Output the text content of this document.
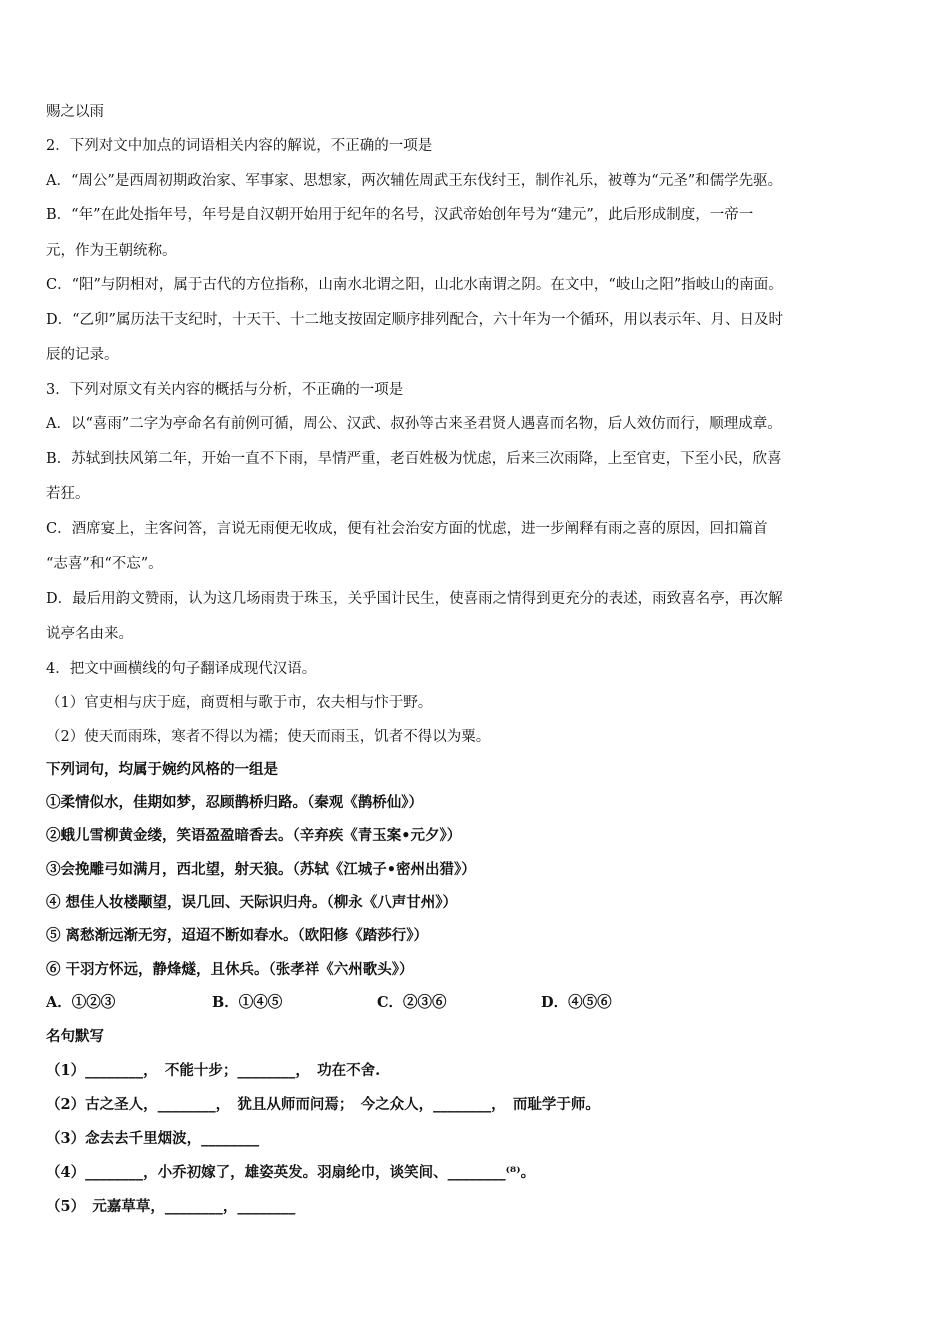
赐之以雨
2．下列对文中加点的词语相关内容的解说，不正确的一项是
A．“周公”是西周初期政治家、军事家、思想家，两次辅佐周武王东伐纣王，制作礼乐，被尊为“元圣”和儒学先驱。
B．“年”在此处指年号，年号是自汉朝开始用于纪年的名号，汉武帝始创年号为“建元”，此后形成制度，一帝一
元，作为王朝统称。
C．“阳”与阴相对，属于古代的方位指称，山南水北谓之阳，山北水南谓之阴。在文中，“岐山之阳”指岐山的南面。
D．“乙卯”属历法干支纪时，十天干、十二地支按固定顺序排列配合，六十年为一个循环，用以表示年、月、日及时
辰的记录。
3．下列对原文有关内容的概括与分析，不正确的一项是
A．以“喜雨”二字为亭命名有前例可循，周公、汉武、叔孙等古来圣君贤人遇喜而名物，后人效仿而行，顺理成章。
B．苏轼到扶风第二年，开始一直不下雨，旱情严重，老百姓极为忧虑，后来三次雨降，上至官吏，下至小民，欣喜
若狂。
C．酒席宴上，主客问答，言说无雨便无收成，便有社会治安方面的忧虑，进一步阐释有雨之喜的原因，回扣篇首
“志喜”和“不忘”。
D．最后用韵文赞雨，认为这几场雨贵于珠玉，关乎国计民生，使喜雨之情得到更充分的表述，雨致喜名亭，再次解
说亭名由来。
4．把文中画横线的句子翻译成现代汉语。
（1）官吏相与庆于庭，商贾相与歌于市，农夫相与忭于野。
（2）使天而雨珠，寒者不得以为襦；使天而雨玉，饥者不得以为粟。
下列词句，均属于婉约风格的一组是
①柔情似水，佳期如梦，忍顾鹊桥归路。（秦观《鹊桥仙》）
②蛾儿雪柳黄金缕，笑语盈盈暗香去。（辛弃疾《青玉案•元夕》）
③会挽雕弓如满月，西北望，射天狼。（苏轼《江城子•密州出猎》）
④ 想佳人妆楼颙望，误几回、天际识归舟。（柳永《八声甘州》）
⑤ 离愁渐远渐无穷，迢迢不断如春水。（欧阳修《踏莎行》）
⑥ 干羽方怀远，静烽燧，且休兵。（张孝祥《六州歌头》）
A．①②③	B．①④⑤	C．②③⑥	D．④⑤⑥
名句默写
（1）________，　不能十步；________，　功在不舍.
（2）古之圣人，________，　犹且从师而问焉；　今之众人，________，　而耻学于师。
（3）念去去千里烟波，________
（4）________，小乔初嫁了，雄姿英发。羽扇纶巾，谈笑间、________⁽⁸⁾。
（5）　元嘉草草，________，________
